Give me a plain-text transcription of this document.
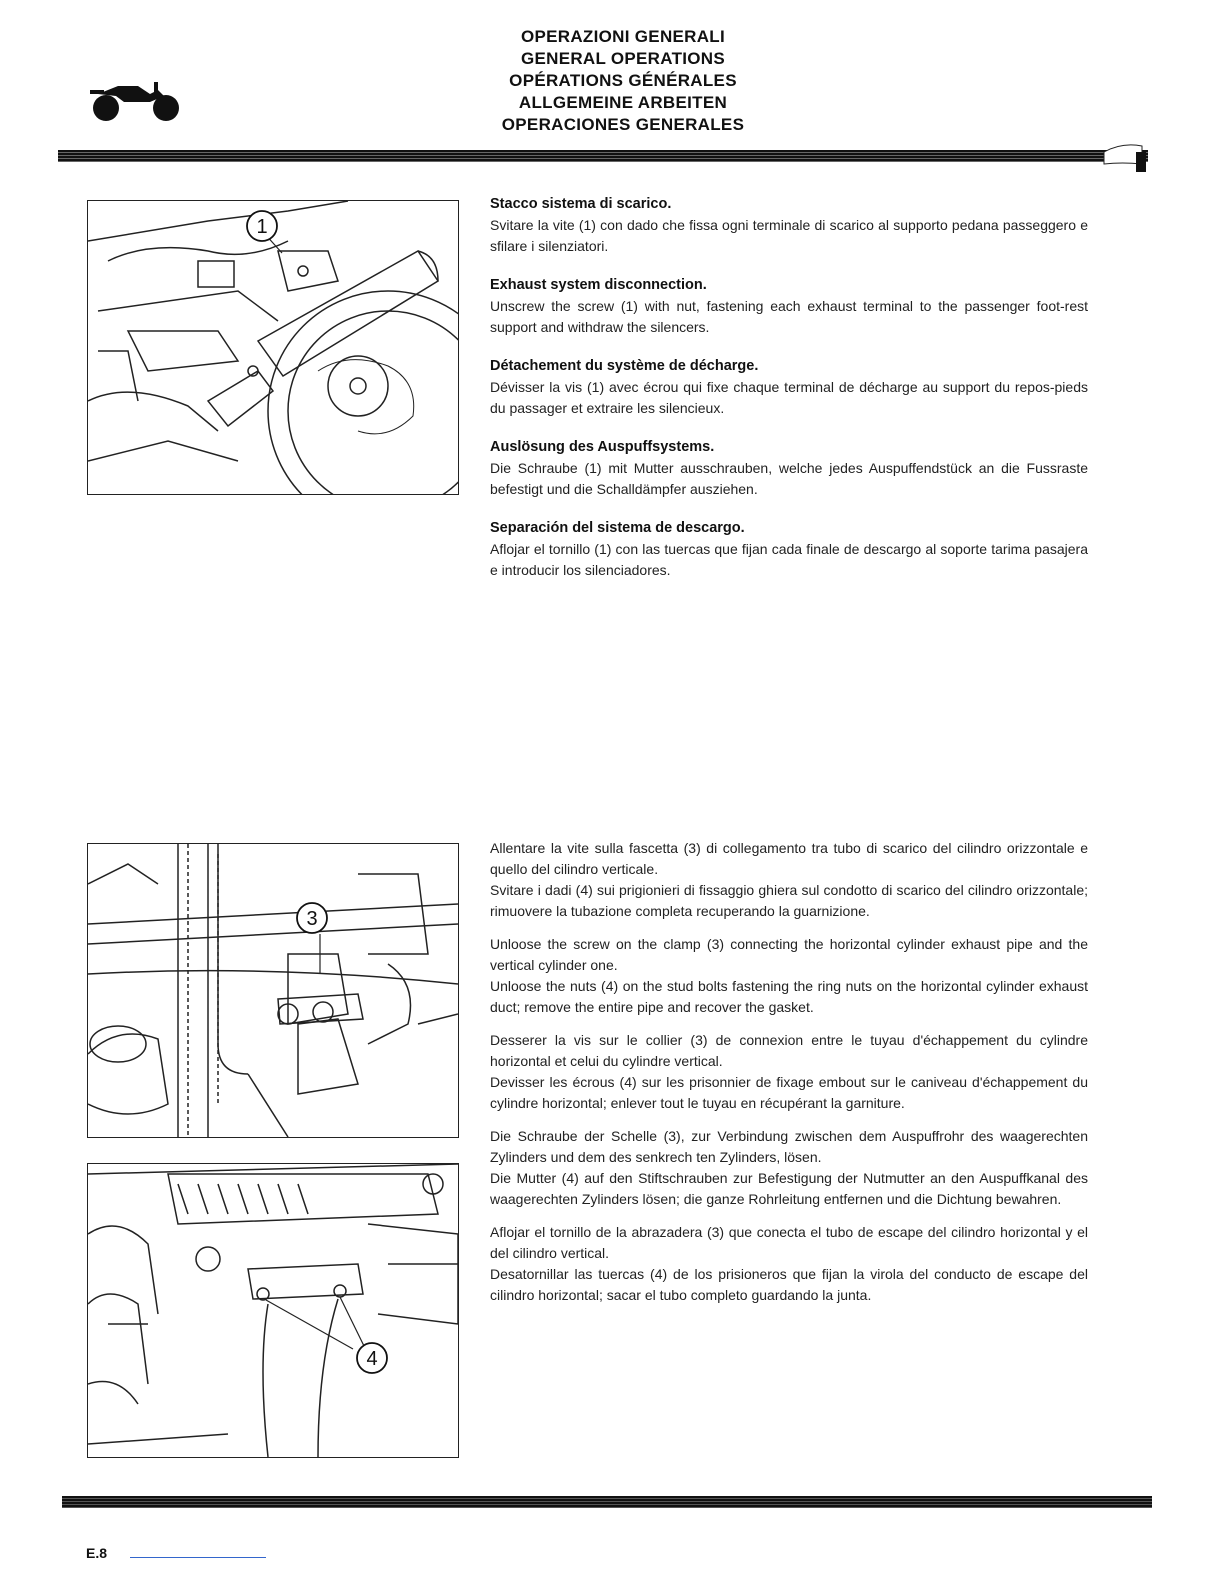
OPERAZIONI GENERALI
GENERAL OPERATIONS
OPÉRATIONS GÉNÉRALES
ALLGEMEINE ARBEITEN
OPERACIONES GENERALES
1
Stacco sistema di scarico.

Svitare la vite (1) con dado che fissa ogni terminale di scarico al supporto pedana passeggero e sfilare i silenziatori.

Exhaust system disconnection.

Unscrew the screw (1) with nut, fastening each exhaust terminal to the passenger foot-rest support and withdraw the silencers.

Détachement du système de décharge.

Dévisser la vis (1) avec écrou qui fixe chaque terminal de décharge au support du repos-pieds du passager et extraire les silencieux.

Auslösung des Auspuffsystems.

Die Schraube (1) mit Mutter ausschrauben, welche jedes Auspuffendstück an die Fussraste befestigt und die Schalldämpfer ausziehen.

Separación del sistema de descargo.

Aflojar el tornillo (1) con las tuercas que fijan cada finale de descargo al soporte tarima pasajera e introducir los silenciadores.

3
4

Allentare la vite sulla fascetta (3) di collegamento tra tubo di scarico del cilindro orizzontale e quello del cilindro verticale.
Svitare i dadi (4) sui prigionieri di fissaggio ghiera sul condotto di scarico del cilindro orizzontale; rimuovere la tubazione completa recuperando la guarnizione.

Unloose the screw on the clamp (3) connecting the horizontal cylinder exhaust pipe and the vertical cylinder one.
Unloose the nuts (4) on the stud bolts fastening the ring nuts on the horizontal cylinder exhaust duct; remove the entire pipe and recover the gasket.

Desserer la vis sur le collier (3) de connexion entre le tuyau d'échappement du cylindre horizontal et celui du cylindre vertical.
Devisser les écrous (4) sur les prisonnier de fixage embout sur le caniveau d'échappement du cylindre horizontal; enlever tout le tuyau en récupérant la garniture.

Die Schraube der Schelle (3), zur Verbindung zwischen dem Auspuffrohr des waagerechten Zylinders und dem des senkrech ten Zylinders, lösen.
Die Mutter (4) auf den Stiftschrauben zur Befestigung der Nutmutter an den Auspuffkanal des waagerechten Zylinders lösen; die ganze Rohrleitung entfernen und die Dichtung bewahren.

Aflojar el tornillo de la abrazadera (3) que conecta el tubo de escape del cilindro horizontal y el del cilindro vertical.
Desatornillar las tuercas (4) de los prisioneros que fijan la virola del conducto de escape del cilindro horizontal; sacar el tubo completo guardando la junta.

E.8
